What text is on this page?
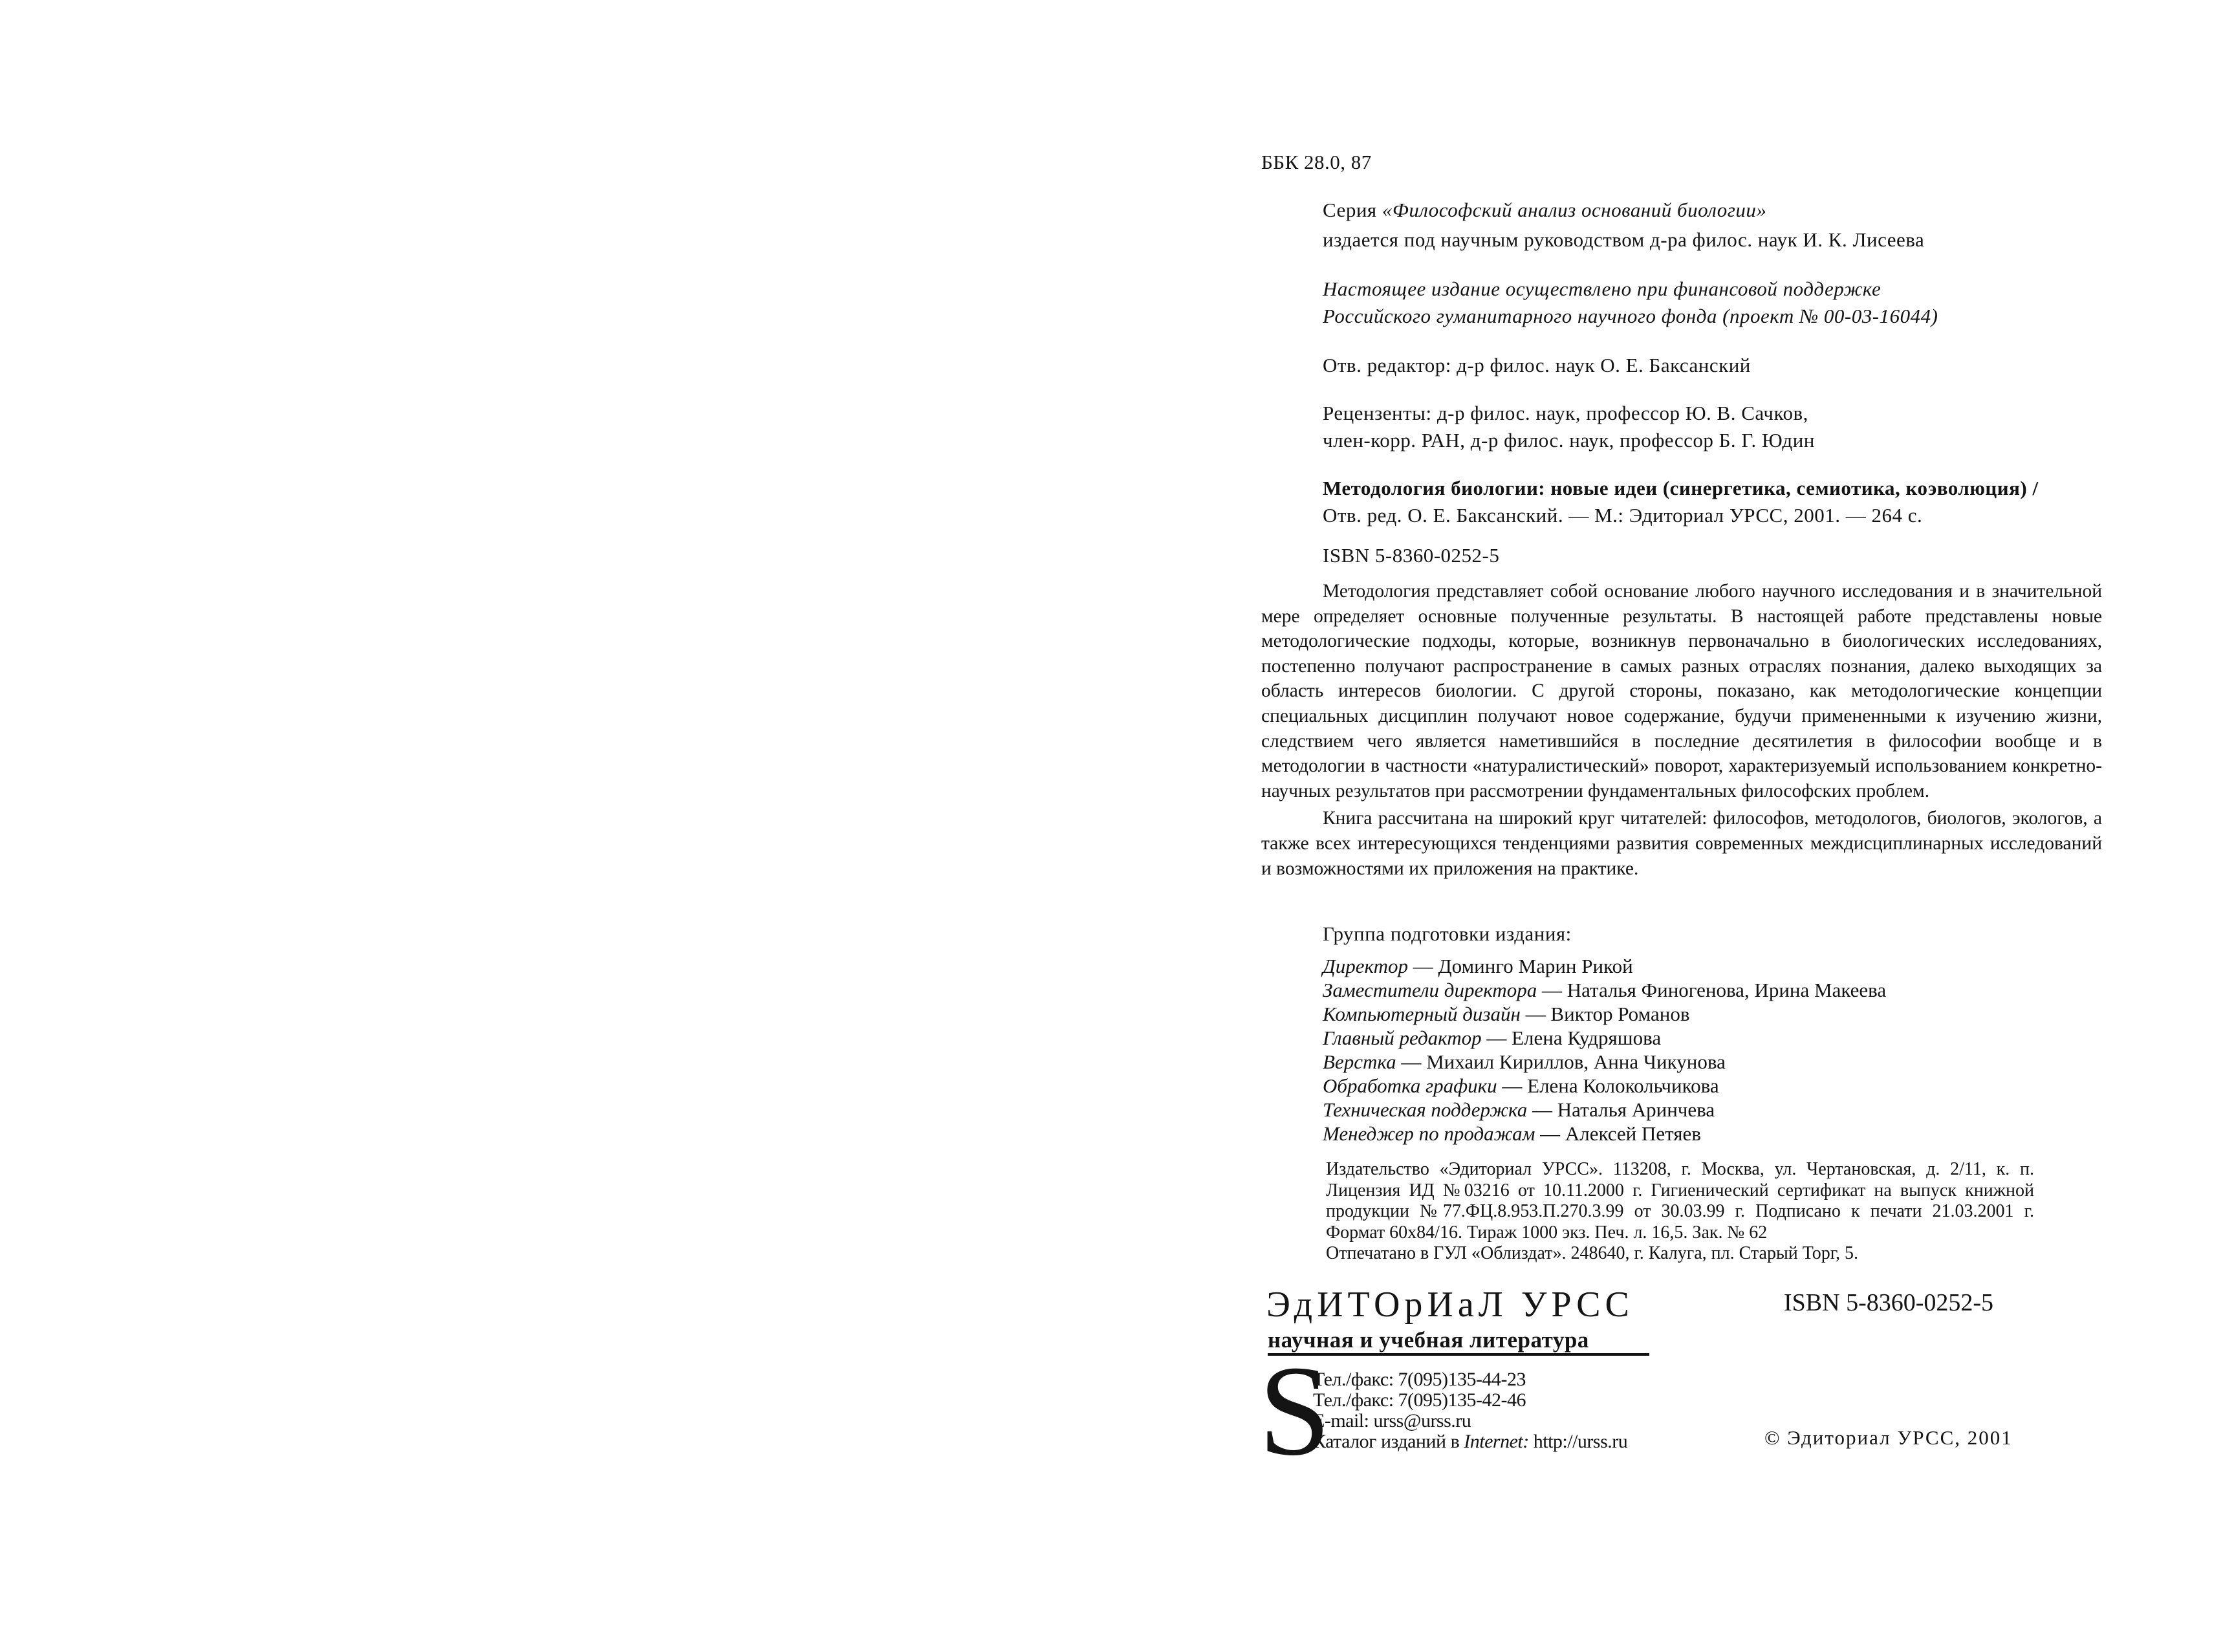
ББК 28.0, 87
Серия «Философский анализ оснований биологии»
издается под научным руководством д-ра филос. наук И. К. Лисеева
Настоящее издание осуществлено при финансовой поддержке
Российского гуманитарного научного фонда (проект № 00-03-16044)
Отв. редактор: д-р филос. наук О. Е. Баксанский
Рецензенты: д-р филос. наук, профессор Ю. В. Сачков,
член-корр. РАН, д-р филос. наук, профессор Б. Г. Юдин
Методология биологии: новые идеи (синергетика, семиотика, коэволюция) /
Отв. ред. О. Е. Баксанский. — М.: Эдиториал УРСС, 2001. — 264 с.
ISBN 5-8360-0252-5

Методология представляет собой основание любого научного исследования и в значительной мере определяет основные полученные результаты. В настоящей работе представлены новые методологические подходы, которые, возникнув первоначально в биологических исследованиях, постепенно получают распространение в самых разных отраслях познания, далеко выходящих за область интересов биологии. С другой стороны, показано, как методологические концепции специальных дисциплин получают новое содержание, будучи примененными к изучению жизни, следствием чего является наметившийся в последние десятилетия в философии вообще и в методологии в частности «натуралистический» поворот, характеризуемый использованием конкретно-научных результатов при рассмотрении фундаментальных философских проблем.

Книга рассчитана на широкий круг читателей: философов, методологов, биологов, экологов, а также всех интересующихся тенденциями развития современных междисциплинарных исследований и возможностями их приложения на практике.

Группа подготовки издания:
Директор — Доминго Марин Рикой
Заместители директора — Наталья Финогенова, Ирина Макеева
Компьютерный дизайн — Виктор Романов
Главный редактор — Елена Кудряшова
Верстка — Михаил Кириллов, Анна Чикунова
Обработка графики — Елена Колокольчикова
Техническая поддержка — Наталья Аринчева
Менеджер по продажам — Алексей Петяев
Издательство «Эдиториал УРСС». 113208, г. Москва, ул. Чертановская, д. 2/11, к. п.
Лицензия ИД №03216 от 10.11.2000 г. Гигиенический сертификат на выпуск книжной
продукции №77.ФЦ.8.953.П.270.3.99 от 30.03.99 г. Подписано к печати 21.03.2001 г.
Формат 60х84/16. Тираж 1000 экз. Печ. л. 16,5. Зак. № 62
Отпечатано в ГУЛ «Облиздат». 248640, г. Калуга, пл. Старый Торг, 5.
ЭдИТОрИаЛ УРСС
научная и учебная литература
S
Тел./факс: 7(095)135-44-23
Тел./факс: 7(095)135-42-46
E-mail: urss@urss.ru
Каталог изданий в Internet: http://urss.ru
ISBN 5-8360-0252-5
© Эдиториал УРСС, 2001
